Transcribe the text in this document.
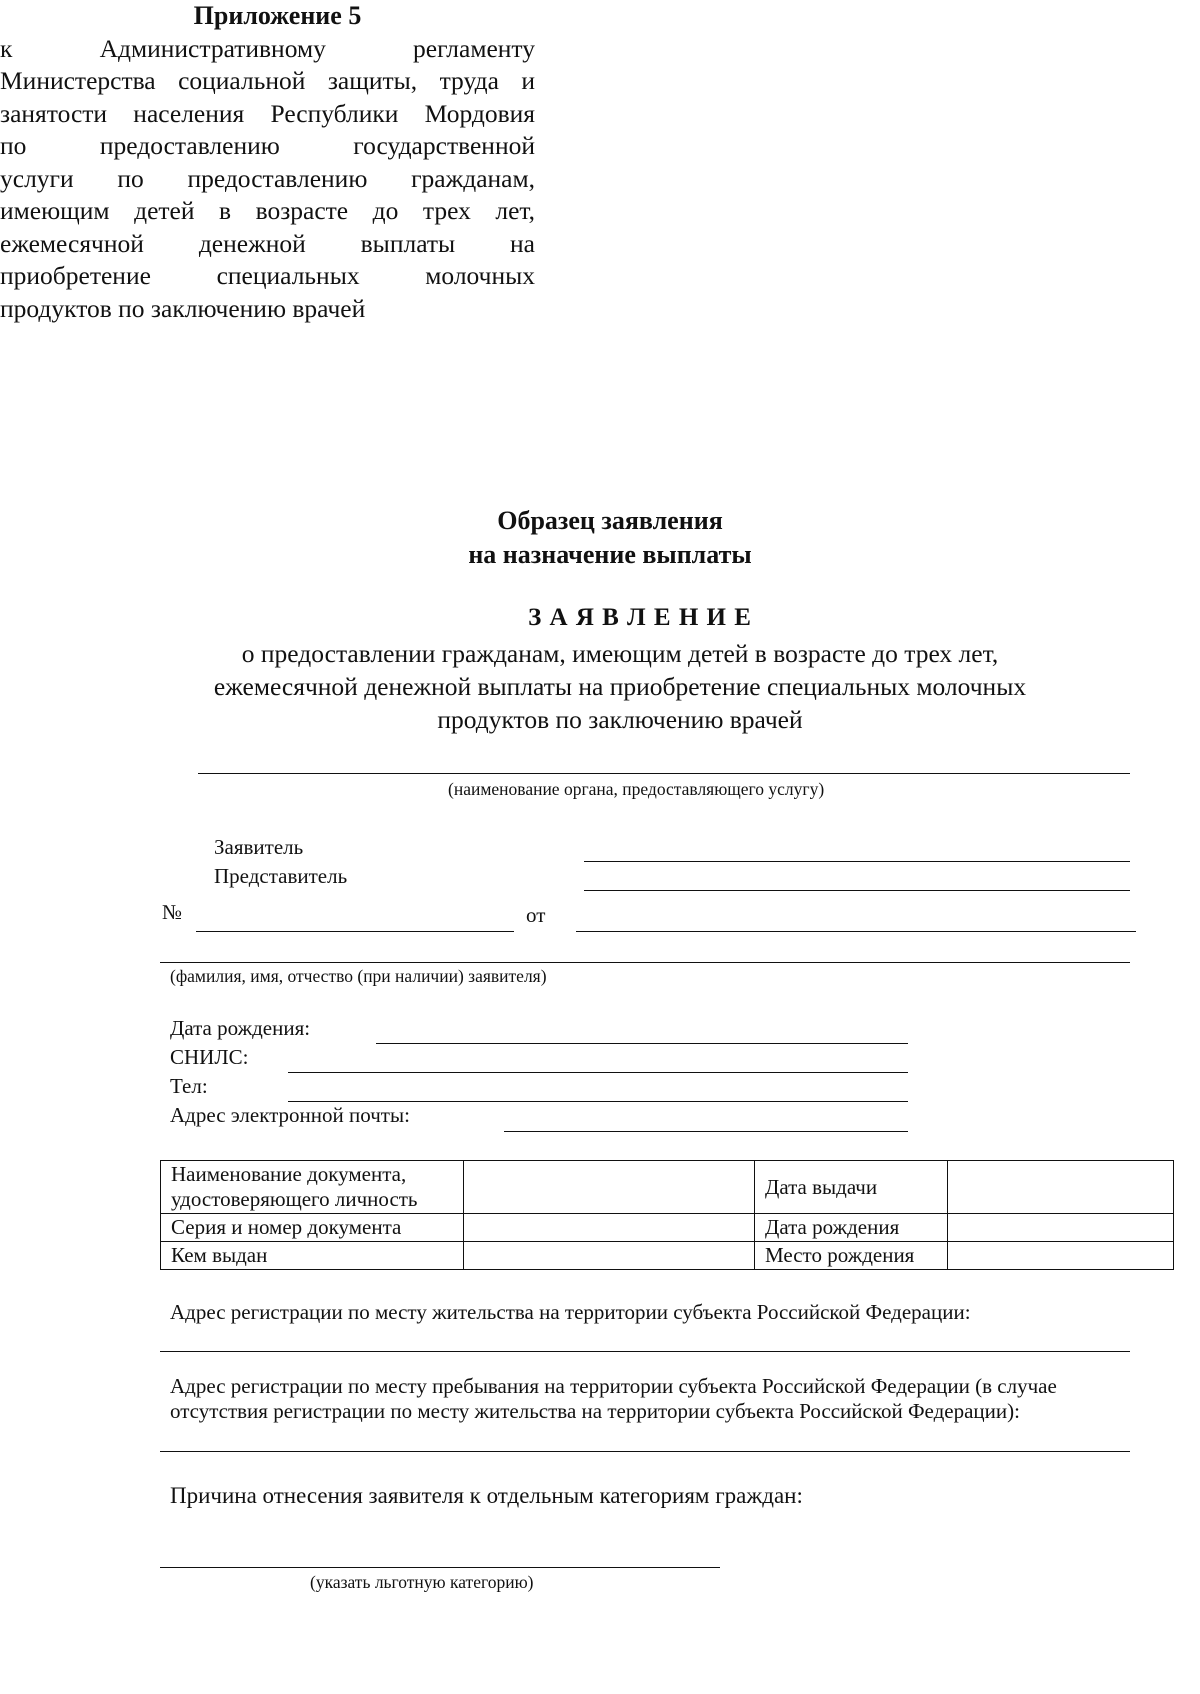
Приложение 5
к Административному регламенту
Министерства социальной защиты, труда и
занятости населения Республики Мордовия
по предоставлению государственной
услуги по предоставлению гражданам,
имеющим детей в возрасте до трех лет,
ежемесячной денежной выплаты на
приобретение специальных молочных
продуктов по заключению врачей
Образец заявления
на назначение выплаты
З А Я В Л Е Н И Е
о предоставлении гражданам, имеющим детей в возрасте до трех лет,
ежемесячной денежной выплаты на приобретение специальных молочных
продуктов по заключению врачей
(наименование органа, предоставляющего услугу)
Заявитель
Представитель
№	от
(фамилия, имя, отчество (при наличии) заявителя)
Дата рождения:
СНИЛС:
Тел:
Адрес электронной почты:
Наименование документа, удостоверяющего личность		Дата выдачи	
Серия и номер документа		Дата рождения	
Кем выдан		Место рождения	
Адрес регистрации по месту жительства на территории субъекта Российской Федерации:
Адрес регистрации по месту пребывания на территории субъекта Российской Федерации (в случае
отсутствия регистрации по месту жительства на территории субъекта Российской Федерации):
Причина отнесения заявителя к отдельным категориям граждан:
(указать льготную категорию)
